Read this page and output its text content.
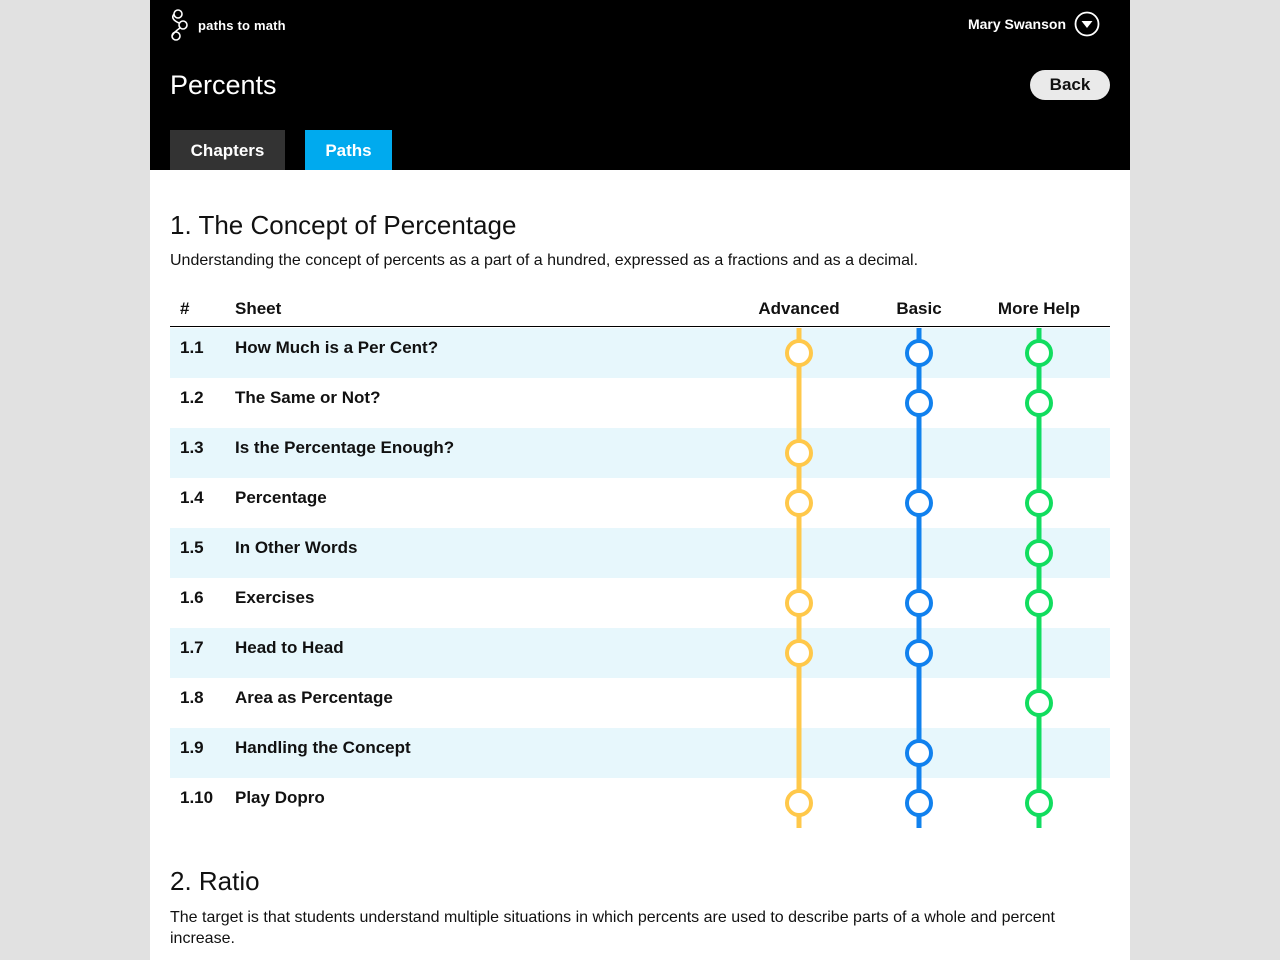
paths to math	Mary Swanson
Percents	Back
Chapters	Paths
1. The Concept of Percentage

Understanding the concept of percents as a part of a hundred, expressed as a fractions and as a decimal.

#	Sheet	Advanced	Basic	More Help
1.1 How Much is a Per Cent?
1.2 The Same or Not?
1.3 Is the Percentage Enough?
1.4 Percentage
1.5 In Other Words
1.6 Exercises
1.7 Head to Head
1.8 Area as Percentage
1.9 Handling the Concept
1.10 Play Dopro
2. Ratio

The target is that students understand multiple situations in which percents are used to describe parts of a whole and percent increase.
